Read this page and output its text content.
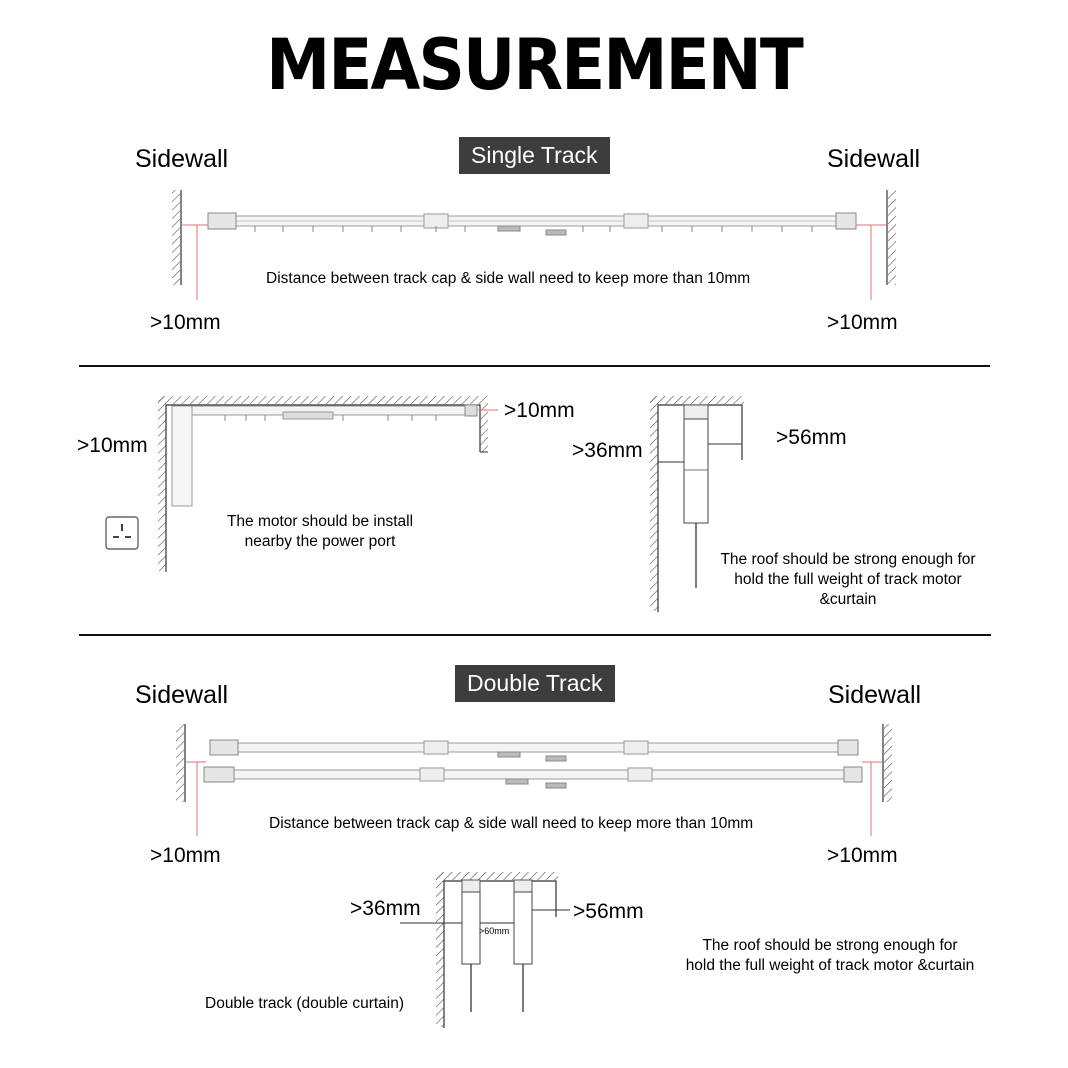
MEASUREMENT
Single Track
Sidewall	Sidewall
Distance between track cap & side wall need to keep more than 10mm
>10mm	>10mm
>10mm
>10mm
The motor should be install
nearby the power port
>36mm
>56mm
The roof should be strong enough for
hold the full weight of track motor
&curtain
Double Track
Sidewall	Sidewall
Distance between track cap & side wall need to keep more than 10mm
>10mm	>10mm
>36mm	>56mm
>60mm
Double track (double curtain)
The roof should be strong enough for
hold the full weight of track motor &curtain
